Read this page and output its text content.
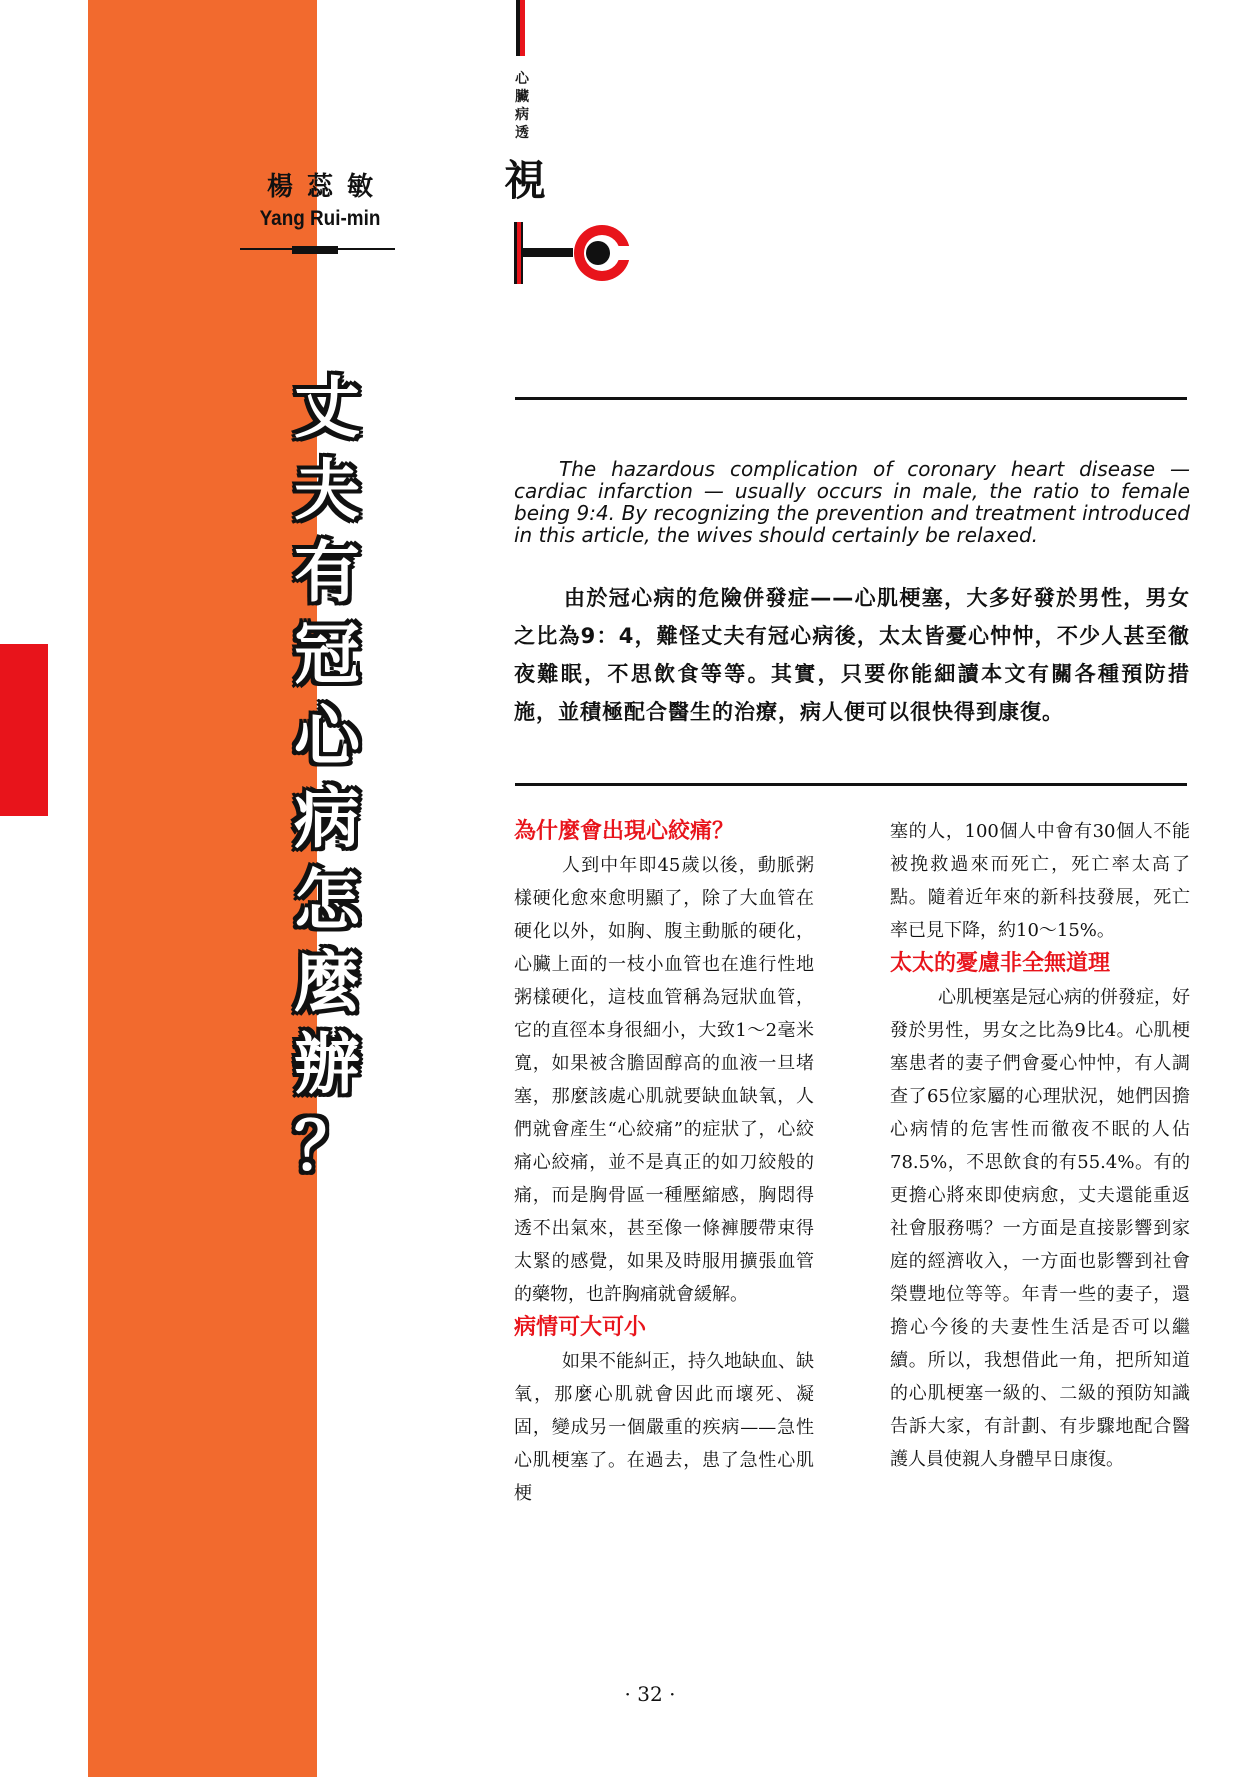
楊蕊敏
Yang Rui-min
心臟病透
視
丈
夫
有
冠
心
病
怎
麼
辦
？

The hazardous complication of coronary heart disease — cardiac infarction — usually occurs in male, the ratio to female being 9:4. By recognizing the prevention and treatment introduced in this article, the wives should certainly be relaxed.

由於冠心病的危險併發症——心肌梗塞，大多好發於男性，男女之比為9：4，難怪丈夫有冠心病後，太太皆憂心忡忡，不少人甚至徹夜難眠，不思飲食等等。其實，只要你能細讀本文有關各種預防措施，並積極配合醫生的治療，病人便可以很快得到康復。

為什麼會出現心絞痛？

人到中年即45歲以後，動脈粥樣硬化愈來愈明顯了，除了大血管在硬化以外，如胸、腹主動脈的硬化，心臟上面的一枝小血管也在進行性地粥樣硬化，這枝血管稱為冠狀血管，它的直徑本身很細小，大致1～2毫米寬，如果被含膽固醇高的血液一旦堵塞，那麼該處心肌就要缺血缺氧，人們就會產生“心絞痛”的症狀了，心絞痛心絞痛，並不是真正的如刀絞般的痛，而是胸骨區一種壓縮感，胸悶得透不出氣來，甚至像一條褲腰帶束得太緊的感覺，如果及時服用擴張血管的藥物，也許胸痛就會緩解。

病情可大可小

如果不能糾正，持久地缺血、缺氧，那麼心肌就會因此而壞死、凝固，變成另一個嚴重的疾病——急性心肌梗塞了。在過去，患了急性心肌梗

塞的人，100個人中會有30個人不能被挽救過來而死亡，死亡率太高了點。隨着近年來的新科技發展，死亡率已見下降，約10～15%。

太太的憂慮非全無道理

心肌梗塞是冠心病的併發症，好發於男性，男女之比為9比4。心肌梗塞患者的妻子們會憂心忡忡，有人調查了65位家屬的心理狀況，她們因擔心病情的危害性而徹夜不眠的人佔78.5%，不思飲食的有55.4%。有的更擔心將來即使病愈，丈夫還能重返社會服務嗎？一方面是直接影響到家庭的經濟收入，一方面也影響到社會榮豐地位等等。年青一些的妻子，還擔心今後的夫妻性生活是否可以繼續。所以，我想借此一角，把所知道的心肌梗塞一級的、二級的預防知識告訴大家，有計劃、有步驟地配合醫護人員使親人身體早日康復。

· 32 ·
